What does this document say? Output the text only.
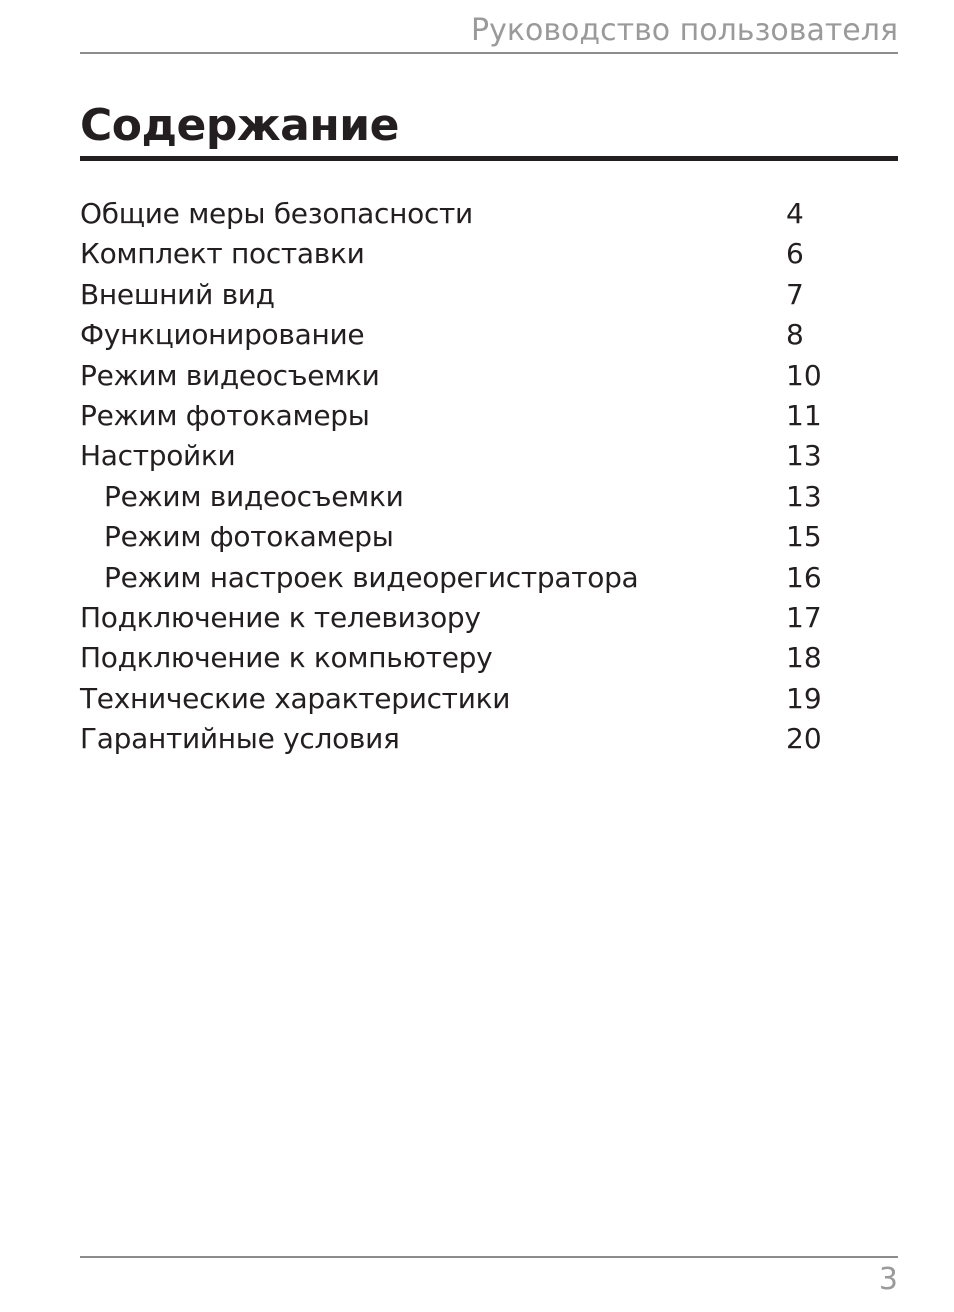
Руководство пользователя
Содержание
Общие меры безопасности	4
Комплект поставки	6
Внешний вид	7
Функционирование	8
Режим видеосъемки	10
Режим фотокамеры	11
Настройки	13
Режим видеосъемки	13
Режим фотокамеры	15
Режим настроек видеорегистратора	16
Подключение к телевизору	17
Подключение к компьютеру	18
Технические характеристики	19
Гарантийные условия	20
3
